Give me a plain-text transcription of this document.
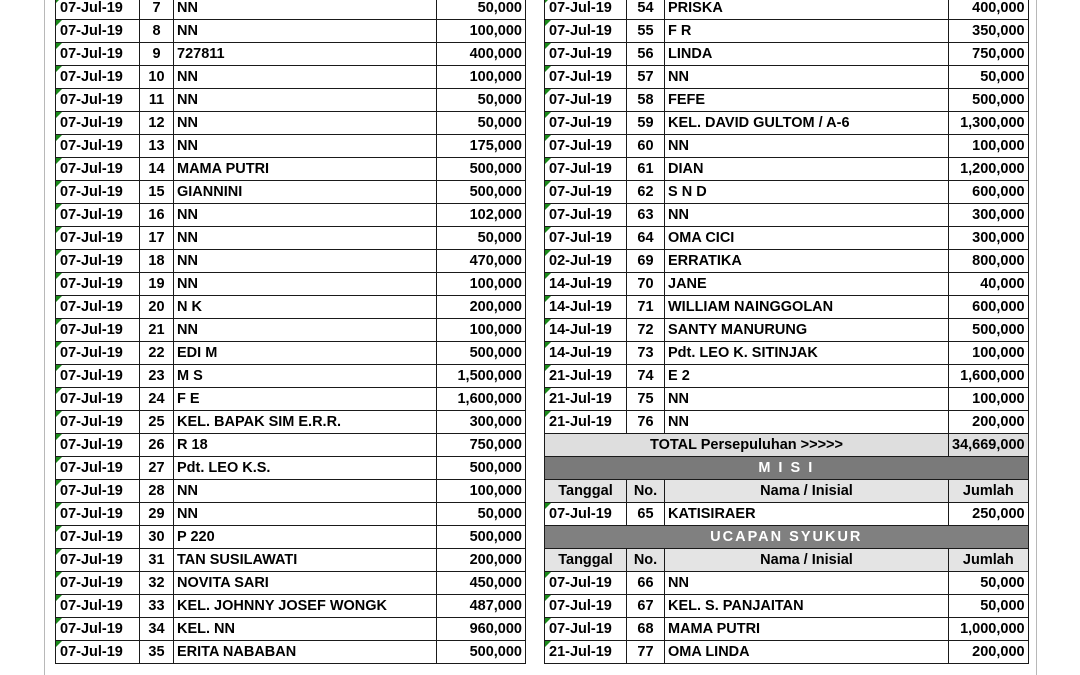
07-Jul-19	7	NN	50,000
07-Jul-19	8	NN	100,000
07-Jul-19	9	727811	400,000
07-Jul-19	10	NN	100,000
07-Jul-19	11	NN	50,000
07-Jul-19	12	NN	50,000
07-Jul-19	13	NN	175,000
07-Jul-19	14	MAMA PUTRI	500,000
07-Jul-19	15	GIANNINI	500,000
07-Jul-19	16	NN	102,000
07-Jul-19	17	NN	50,000
07-Jul-19	18	NN	470,000
07-Jul-19	19	NN	100,000
07-Jul-19	20	N K	200,000
07-Jul-19	21	NN	100,000
07-Jul-19	22	EDI M	500,000
07-Jul-19	23	M S	1,500,000
07-Jul-19	24	F E	1,600,000
07-Jul-19	25	KEL. BAPAK SIM E.R.R.	300,000
07-Jul-19	26	R 18	750,000
07-Jul-19	27	Pdt. LEO K.S.	500,000
07-Jul-19	28	NN	100,000
07-Jul-19	29	NN	50,000
07-Jul-19	30	P 220	500,000
07-Jul-19	31	TAN SUSILAWATI	200,000
07-Jul-19	32	NOVITA SARI	450,000
07-Jul-19	33	KEL. JOHNNY JOSEF WONGK	487,000
07-Jul-19	34	KEL. NN	960,000
07-Jul-19	35	ERITA NABABAN	500,000
07-Jul-19	54	PRISKA	400,000
07-Jul-19	55	F R	350,000
07-Jul-19	56	LINDA	750,000
07-Jul-19	57	NN	50,000
07-Jul-19	58	FEFE	500,000
07-Jul-19	59	KEL. DAVID GULTOM / A-6	1,300,000
07-Jul-19	60	NN	100,000
07-Jul-19	61	DIAN	1,200,000
07-Jul-19	62	S N D	600,000
07-Jul-19	63	NN	300,000
07-Jul-19	64	OMA CICI	300,000
02-Jul-19	69	ERRATIKA	800,000
14-Jul-19	70	JANE	40,000
14-Jul-19	71	WILLIAM NAINGGOLAN	600,000
14-Jul-19	72	SANTY MANURUNG	500,000
14-Jul-19	73	Pdt. LEO K. SITINJAK	100,000
21-Jul-19	74	E 2	1,600,000
21-Jul-19	75	NN	100,000
21-Jul-19	76	NN	200,000
TOTAL Persepuluhan >>>>>			34,669,000
M I S I			
Tanggal	No.	Nama / Inisial	Jumlah
07-Jul-19	65	KATISIRAER	250,000
UCAPAN SYUKUR			
Tanggal	No.	Nama / Inisial	Jumlah
07-Jul-19	66	NN	50,000
07-Jul-19	67	KEL. S. PANJAITAN	50,000
07-Jul-19	68	MAMA PUTRI	1,000,000
21-Jul-19	77	OMA LINDA	200,000
